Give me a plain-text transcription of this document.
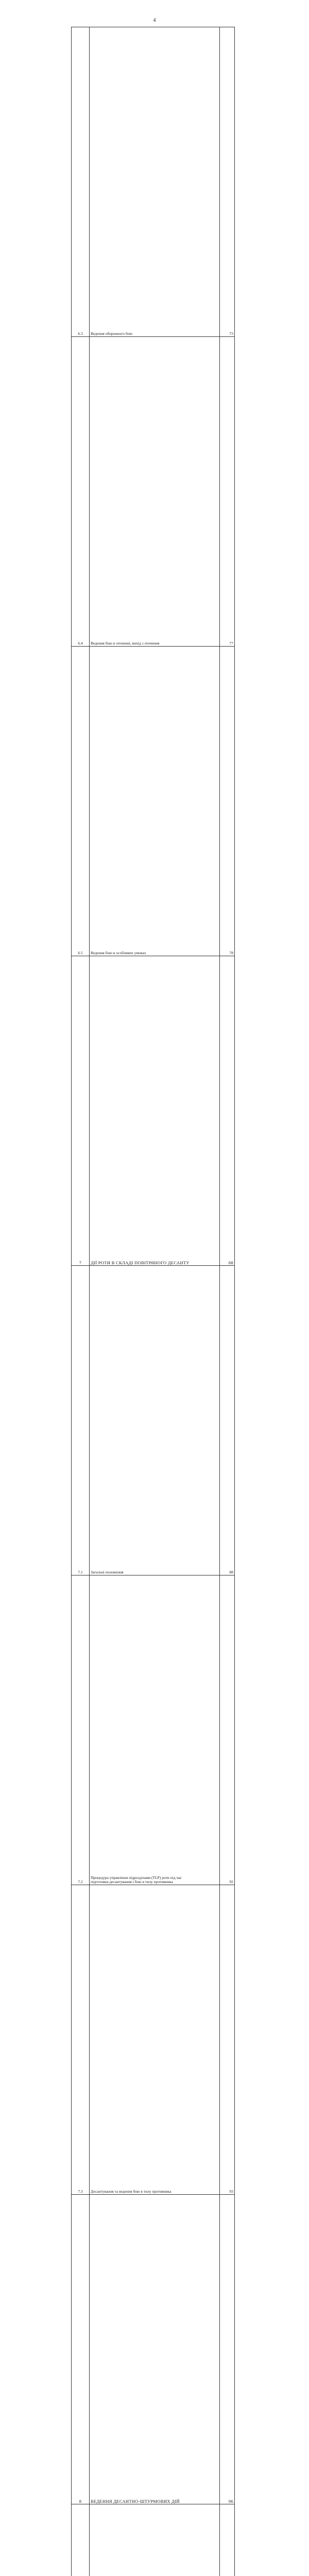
4
6.3	Ведення оборонного бою	73
6.4	Ведення бою в оточенні, вихід з оточення	77
6.5	Ведення бою в особливих умовах	78
7	ДІЇ РОТИ В СКЛАДІ ПОВІТРЯНОГО ДЕСАНТУ	88
7.1	Загальні положення	88
7.2	Процедура управління підрозділами (TLP) роти під час
підготовки десантування і бою в тилу противника	92
7.3	Десантування та ведення бою в тилу противника	93
8	ВЕДЕННЯ ДЕСАНТНО-ШТУРМОВИХ ДІЙ	96
